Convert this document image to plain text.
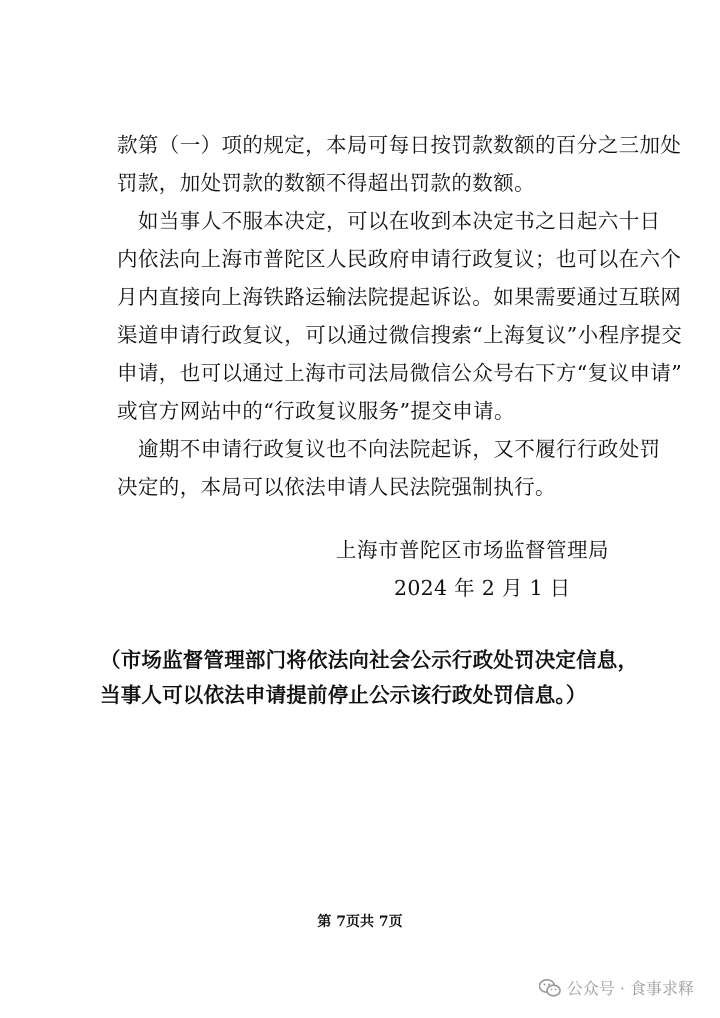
款第（一）项的规定，本局可每日按罚款数额的百分之三加处
罚款，加处罚款的数额不得超出罚款的数额。
如当事人不服本决定，可以在收到本决定书之日起六十日
内依法向上海市普陀区人民政府申请行政复议；也可以在六个
月内直接向上海铁路运输法院提起诉讼。如果需要通过互联网
渠道申请行政复议，可以通过微信搜索“上海复议”小程序提交
申请，也可以通过上海市司法局微信公众号右下方“复议申请”
或官方网站中的“行政复议服务”提交申请。
逾期不申请行政复议也不向法院起诉，又不履行行政处罚
决定的，本局可以依法申请人民法院强制执行。
上海市普陀区市场监督管理局
2024 年 2 月 1 日
（市场监督管理部门将依法向社会公示行政处罚决定信息，
当事人可以依法申请提前停止公示该行政处罚信息。）
第 7页共 7页
公众号 · 食事求释
